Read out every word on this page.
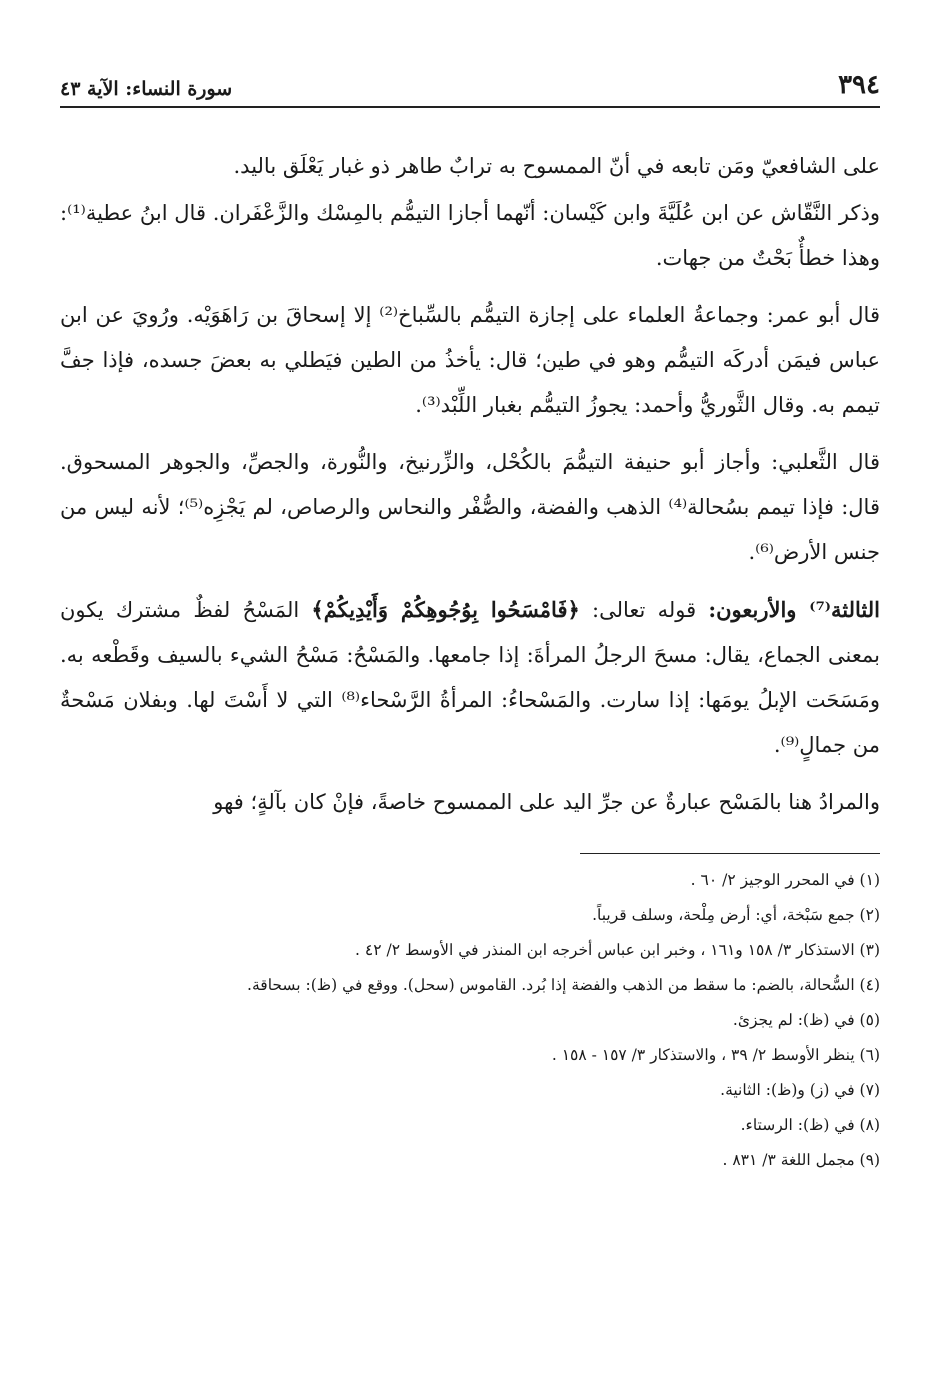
٣٩٤
سورة النساء: الآية ٤٣

على الشافعيّ ومَن تابعه في أنّ الممسوح به ترابٌ طاهر ذو غبار يَعْلَق باليد.

وذكر النَّقّاش عن ابن عُلَيَّةَ وابن كَيْسان: أنّهما أجازا التيمُّم بالمِسْك والزَّعْفَران. قال ابنُ عطية⁽¹⁾: وهذا خطأٌ بَحْتٌ من جهات.

قال أبو عمر: وجماعةُ العلماء على إجازة التيمُّم بالسِّباخ⁽²⁾ إلا إسحاقَ بن رَاهَوَيْه. ورُويَ عن ابن عباس فيمَن أدركَه التيمُّم وهو في طين؛ قال: يأخذُ من الطين فيَطلي به بعضَ جسده، فإذا جفَّ تيمم به. وقال الثَّوريُّ وأحمد: يجوزُ التيمُّم بغبار اللِّبْد⁽³⁾.

قال الثَّعلبي: وأجاز أبو حنيفة التيمُّمَ بالكُحْل، والزِّرنيخ، والنُّورة، والجصِّ، والجوهر المسحوق. قال: فإذا تيمم بسُحالة⁽⁴⁾ الذهب والفضة، والصُّفْر والنحاس والرصاص، لم يَجْزِه⁽⁵⁾؛ لأنه ليس من جنس الأرض⁽⁶⁾.

الثالثة⁽⁷⁾ والأربعون: قوله تعالى: ﴿فَامْسَحُوا بِوُجُوهِكُمْ وَأَيْدِيكُمْ﴾ المَسْحُ لفظٌ مشترك يكون بمعنى الجماع، يقال: مسحَ الرجلُ المرأةَ: إذا جامعها. والمَسْحُ: مَسْحُ الشيء بالسيف وقَطْعه به. ومَسَحَت الإبلُ يومَها: إذا سارت. والمَسْحاءُ: المرأةُ الرَّسْحاء⁽⁸⁾ التي لا أَسْتَ لها. وبفلان مَسْحةٌ من جمالٍ⁽⁹⁾.

والمرادُ هنا بالمَسْح عبارةٌ عن جرِّ اليد على الممسوح خاصةً، فإنْ كان بآلةٍ؛ فهو

(١) في المحرر الوجيز ٢/ ٦٠ .

(٢) جمع سَبْخة، أي: أرض مِلْحة، وسلف قريباً.

(٣) الاستذكار ٣/ ١٥٨ و١٦١ ، وخبر ابن عباس أخرجه ابن المنذر في الأوسط ٢/ ٤٢ .

(٤) السُّحالة، بالضم: ما سقط من الذهب والفضة إذا بُرد. القاموس (سحل). ووقع في (ظ): بسحاقة.

(٥) في (ظ): لم يجزئ.

(٦) ينظر الأوسط ٢/ ٣٩ ، والاستذكار ٣/ ١٥٧ - ١٥٨ .

(٧) في (ز) و(ظ): الثانية.

(٨) في (ظ): الرستاء.

(٩) مجمل اللغة ٣/ ٨٣١ .
